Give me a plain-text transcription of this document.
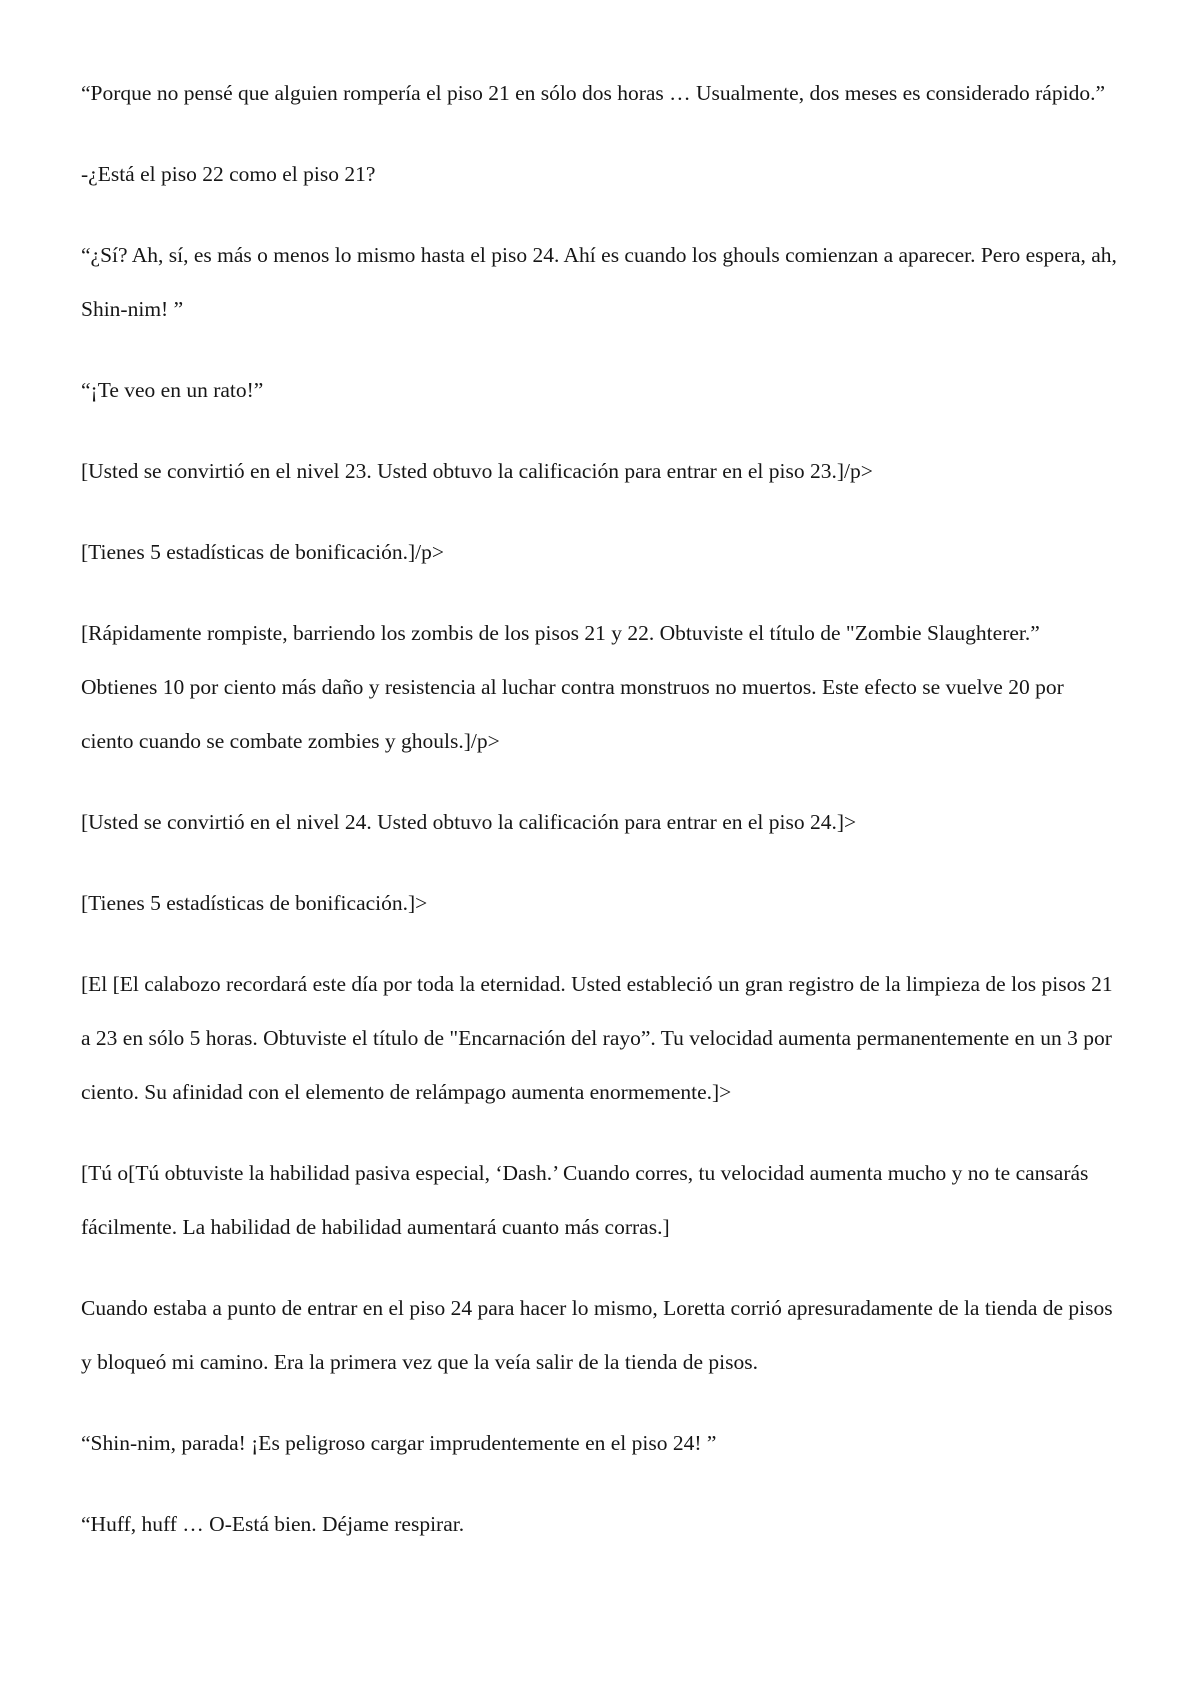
“Porque no pensé que alguien rompería el piso 21 en sólo dos horas … Usualmente, dos meses es considerado rápido.”

-¿Está el piso 22 como el piso 21?

“¿Sí? Ah, sí, es más o menos lo mismo hasta el piso 24. Ahí es cuando los ghouls comienzan a aparecer. Pero espera, ah, Shin-nim! ”

“¡Te veo en un rato!”

[Usted se convirtió en el nivel 23. Usted obtuvo la calificación para entrar en el piso 23.]/p>

[Tienes 5 estadísticas de bonificación.]/p>

[Rápidamente rompiste, barriendo los zombis de los pisos 21 y 22. Obtuviste el título de "Zombie Slaughterer.” Obtienes 10 por ciento más daño y resistencia al luchar contra monstruos no muertos. Este efecto se vuelve 20 por ciento cuando se combate zombies y ghouls.]/p>

[Usted se convirtió en el nivel 24. Usted obtuvo la calificación para entrar en el piso 24.]>

[Tienes 5 estadísticas de bonificación.]>

[El [El calabozo recordará este día por toda la eternidad. Usted estableció un gran registro de la limpieza de los pisos 21 a 23 en sólo 5 horas. Obtuviste el título de "Encarnación del rayo”. Tu velocidad aumenta permanentemente en un 3 por ciento. Su afinidad con el elemento de relámpago aumenta enormemente.]>

[Tú o[Tú obtuviste la habilidad pasiva especial, ‘Dash.’ Cuando corres, tu velocidad aumenta mucho y no te cansarás fácilmente. La habilidad de habilidad aumentará cuanto más corras.]

Cuando estaba a punto de entrar en el piso 24 para hacer lo mismo, Loretta corrió apresuradamente de la tienda de pisos y bloqueó mi camino. Era la primera vez que la veía salir de la tienda de pisos.

“Shin-nim, parada! ¡Es peligroso cargar imprudentemente en el piso 24! ”

“Huff, huff … O-Está bien. Déjame respirar.
